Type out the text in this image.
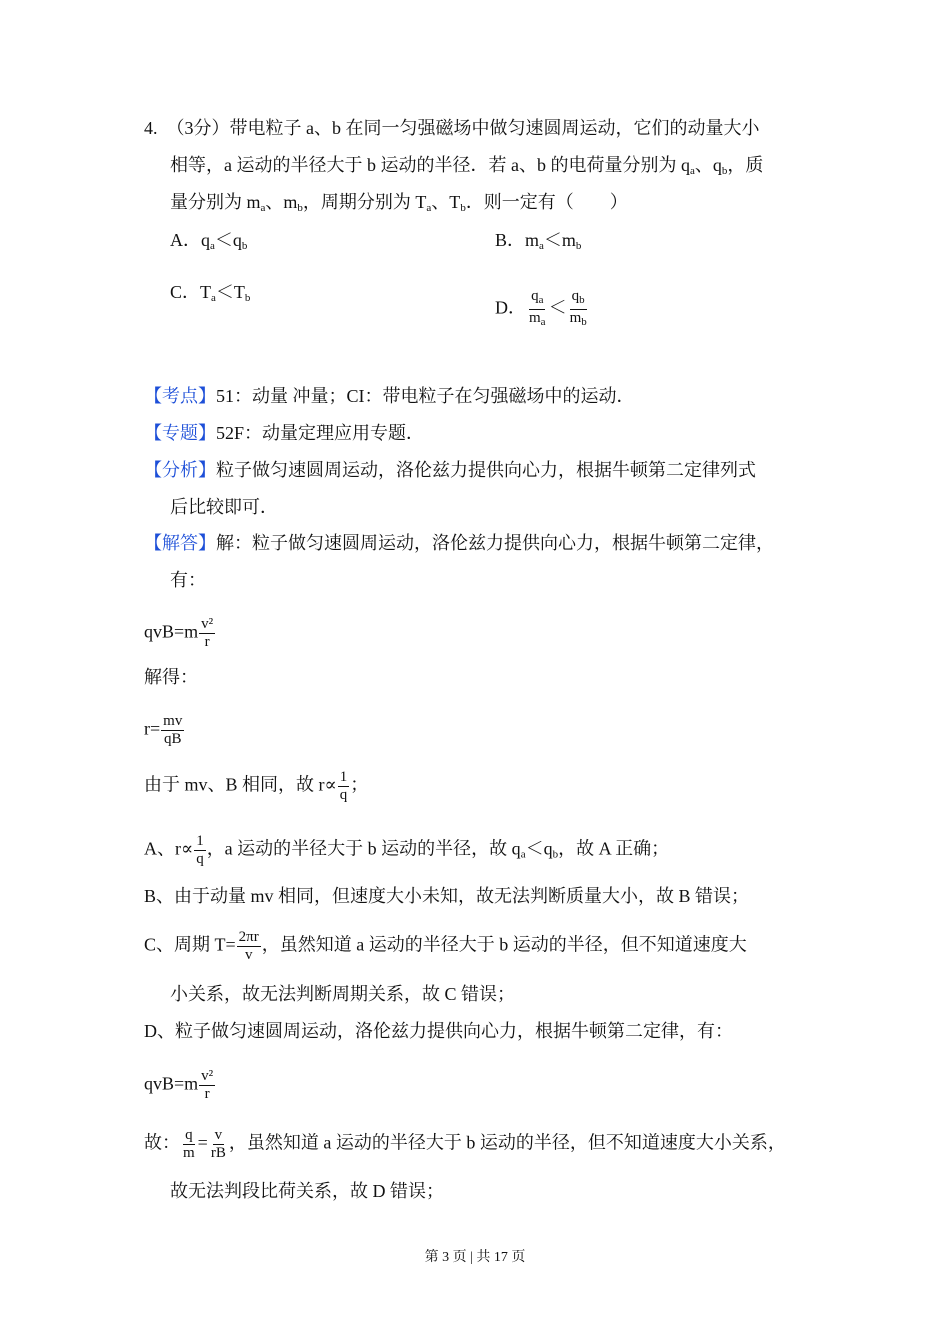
第 3 页 | 共 17 页
4.  （3分）带电粒子 a、b 在同一匀强磁场中做匀速圆周运动，它们的动量大小
相等，a 运动的半径大于 b 运动的半径．若 a、b 的电荷量分别为 $q_a$、$q_b$，质
量分别为 $m_a$、$m_b$，周期分别为 $T_a$、$T_b$．则一定有（　　）
A．$q_a<q_b$	B．$m_a<m_b$
C．$T_a<T_b$	D． $\frac{q_a}{m_a} < \frac{q_b}{m_b}$
【考点】51：动量 冲量；CI：带电粒子在匀强磁场中的运动．
【专题】52F：动量定理应用专题．
【分析】粒子做匀速圆周运动，洛伦兹力提供向心力，根据牛顿第二定律列式
后比较即可．
【解答】解：粒子做匀速圆周运动，洛伦兹力提供向心力，根据牛顿第二定律，
有：
$qvB=m \frac{\text{v²}}{r}$
解得：
$r= \frac{mv}{qB}$
由于 mv、B 相同，故 $r\propto \frac{1}{q}$ ；
A、$r\propto \frac{1}{q}$ ，a 运动的半径大于 b 运动的半径，故 $q_a<q_b$，故 A 正确；
B、由于动量 mv 相同，但速度大小未知，故无法判断质量大小，故 B 错误；
C、周期 $T= \frac{2\pi r}{v}$ ，虽然知道 a 运动的半径大于 b 运动的半径，但不知道速度大
小关系，故无法判断周期关系，故 C 错误；
D、粒子做匀速圆周运动，洛伦兹力提供向心力，根据牛顿第二定律，有：
$qvB=m \frac{\text{v²}}{r}$
故： $\frac{q}{m} = \frac{v}{rB}$ ，虽然知道 a 运动的半径大于 b 运动的半径，但不知道速度大小关系，
故无法判段比荷关系，故 D 错误；
